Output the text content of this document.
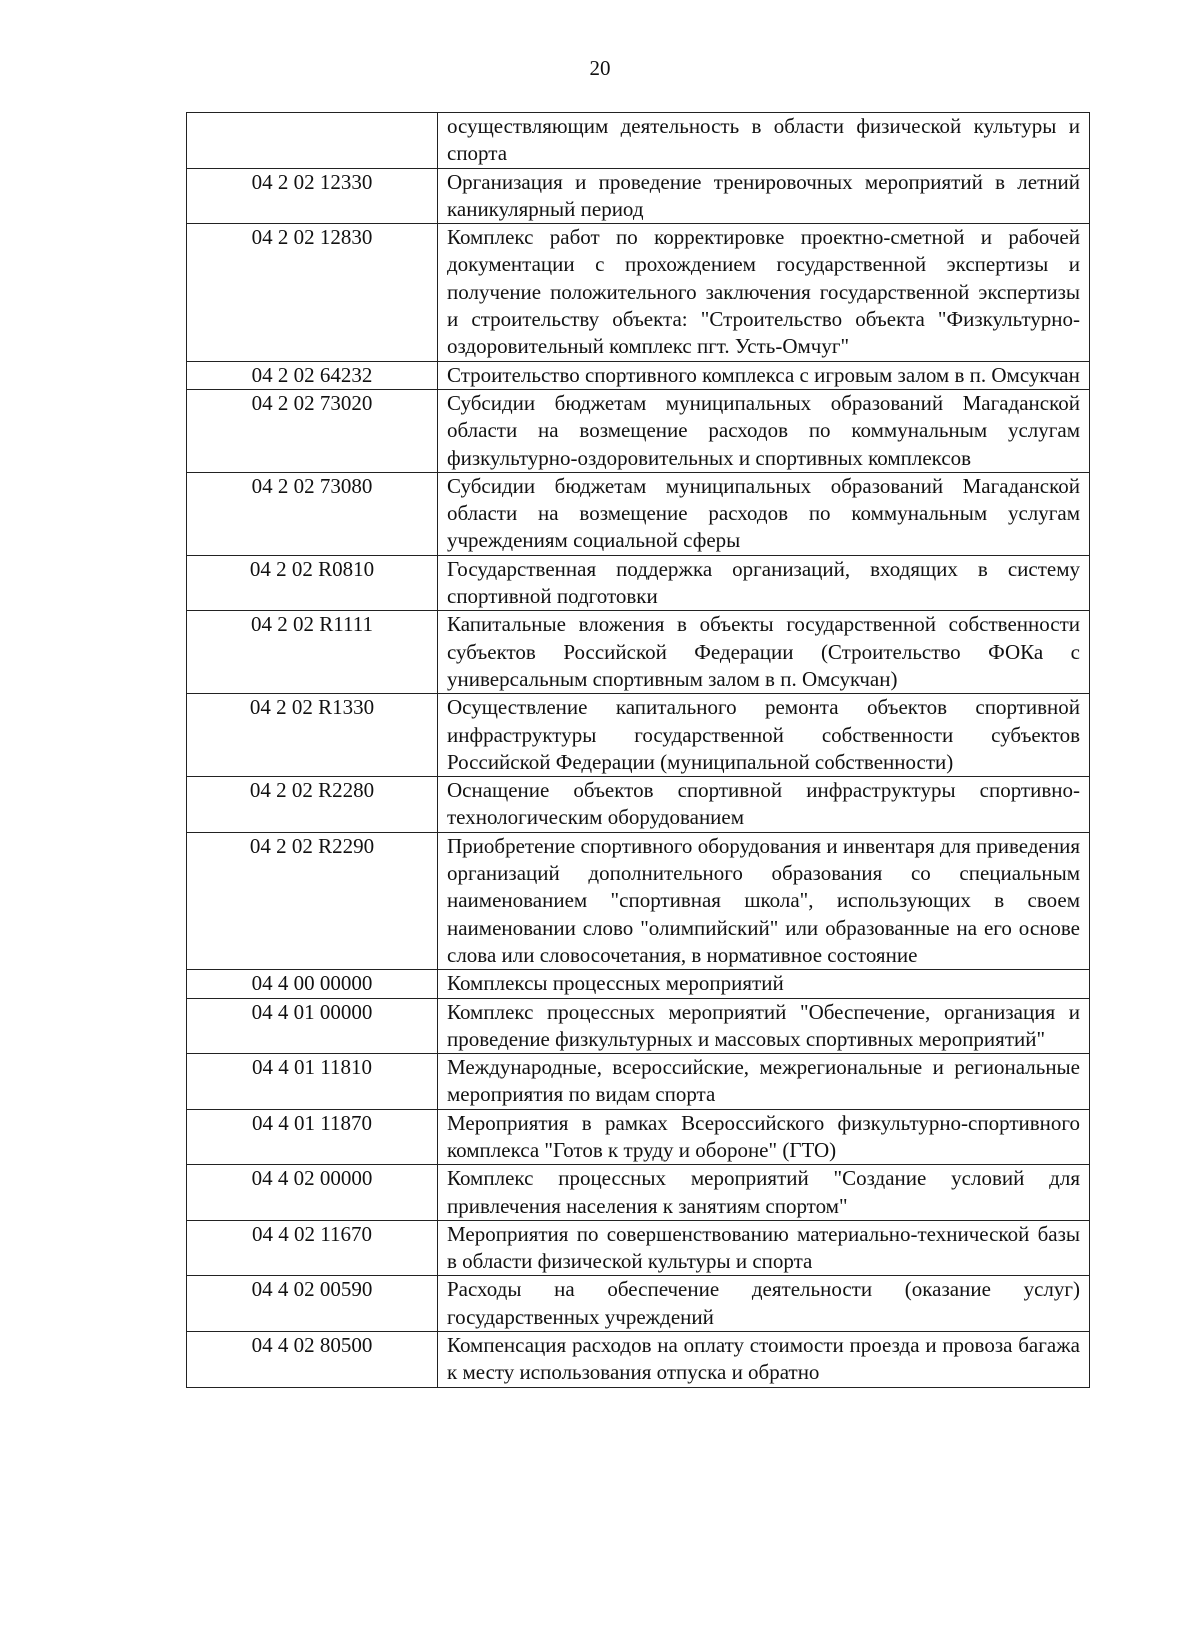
20
	осуществляющим деятельность в области физической культуры и спорта
04 2 02 12330	Организация и проведение тренировочных мероприятий в летний каникулярный период
04 2 02 12830	Комплекс работ по корректировке проектно-сметной и рабочей документации с прохождением государственной экспертизы и получение положительного заключения государственной экспертизы и строительству объекта: "Строительство объекта "Физкультурно-оздоровительный комплекс пгт. Усть-Омчуг"
04 2 02 64232	Строительство спортивного комплекса с игровым залом в п. Омсукчан
04 2 02 73020	Субсидии бюджетам муниципальных образований Магаданской области на возмещение расходов по коммунальным услугам физкультурно-оздоровительных и спортивных комплексов
04 2 02 73080	Субсидии бюджетам муниципальных образований Магаданской области на возмещение расходов по коммунальным услугам учреждениям социальной сферы
04 2 02 R0810	Государственная поддержка организаций, входящих в систему спортивной подготовки
04 2 02 R1111	Капитальные вложения в объекты государственной собственности субъектов Российской Федерации (Строительство ФОКа с универсальным спортивным залом в п. Омсукчан)
04 2 02 R1330	Осуществление капитального ремонта объектов спортивной инфраструктуры государственной собственности субъектов Российской Федерации (муниципальной собственности)
04 2 02 R2280	Оснащение объектов спортивной инфраструктуры спортивно-технологическим оборудованием
04 2 02 R2290	Приобретение спортивного оборудования и инвентаря для приведения организаций дополнительного образования со специальным наименованием "спортивная школа", использующих в своем наименовании слово "олимпийский" или образованные на его основе слова или словосочетания, в нормативное состояние
04 4 00 00000	Комплексы процессных мероприятий
04 4 01 00000	Комплекс процессных мероприятий "Обеспечение, организация и проведение физкультурных и массовых спортивных мероприятий"
04 4 01 11810	Международные, всероссийские, межрегиональные и региональные мероприятия по видам спорта
04 4 01 11870	Мероприятия в рамках Всероссийского физкультурно-спортивного комплекса "Готов к труду и обороне" (ГТО)
04 4 02 00000	Комплекс процессных мероприятий "Создание условий для привлечения населения к занятиям спортом"
04 4 02 11670	Мероприятия по совершенствованию материально-технической базы в области физической культуры и спорта
04 4 02 00590	Расходы на обеспечение деятельности (оказание услуг) государственных учреждений
04 4 02 80500	Компенсация расходов на оплату стоимости проезда и провоза багажа к месту использования отпуска и обратно
